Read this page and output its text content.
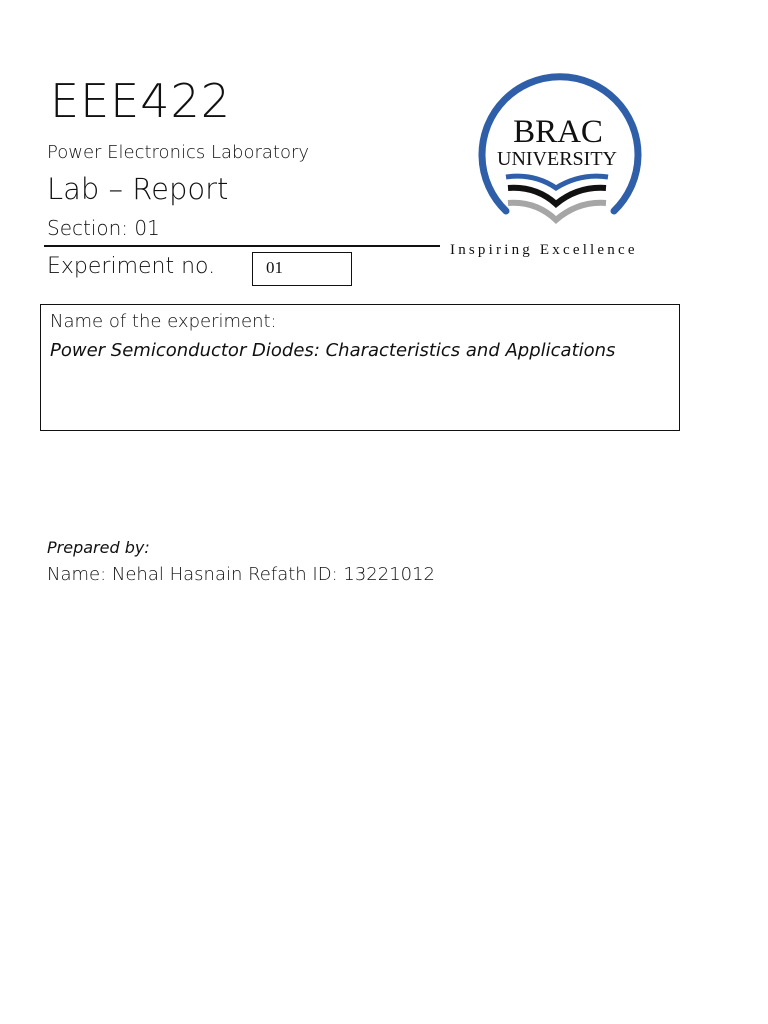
EEE422
Power Electronics Laboratory
Lab – Report
Section: 01
Experiment no.	01
BRAC
UNIVERSITY
Inspiring Excellence
Name of the experiment:
Power Semiconductor Diodes: Characteristics and Applications
Prepared by:
Name: Nehal Hasnain Refath ID: 13221012
